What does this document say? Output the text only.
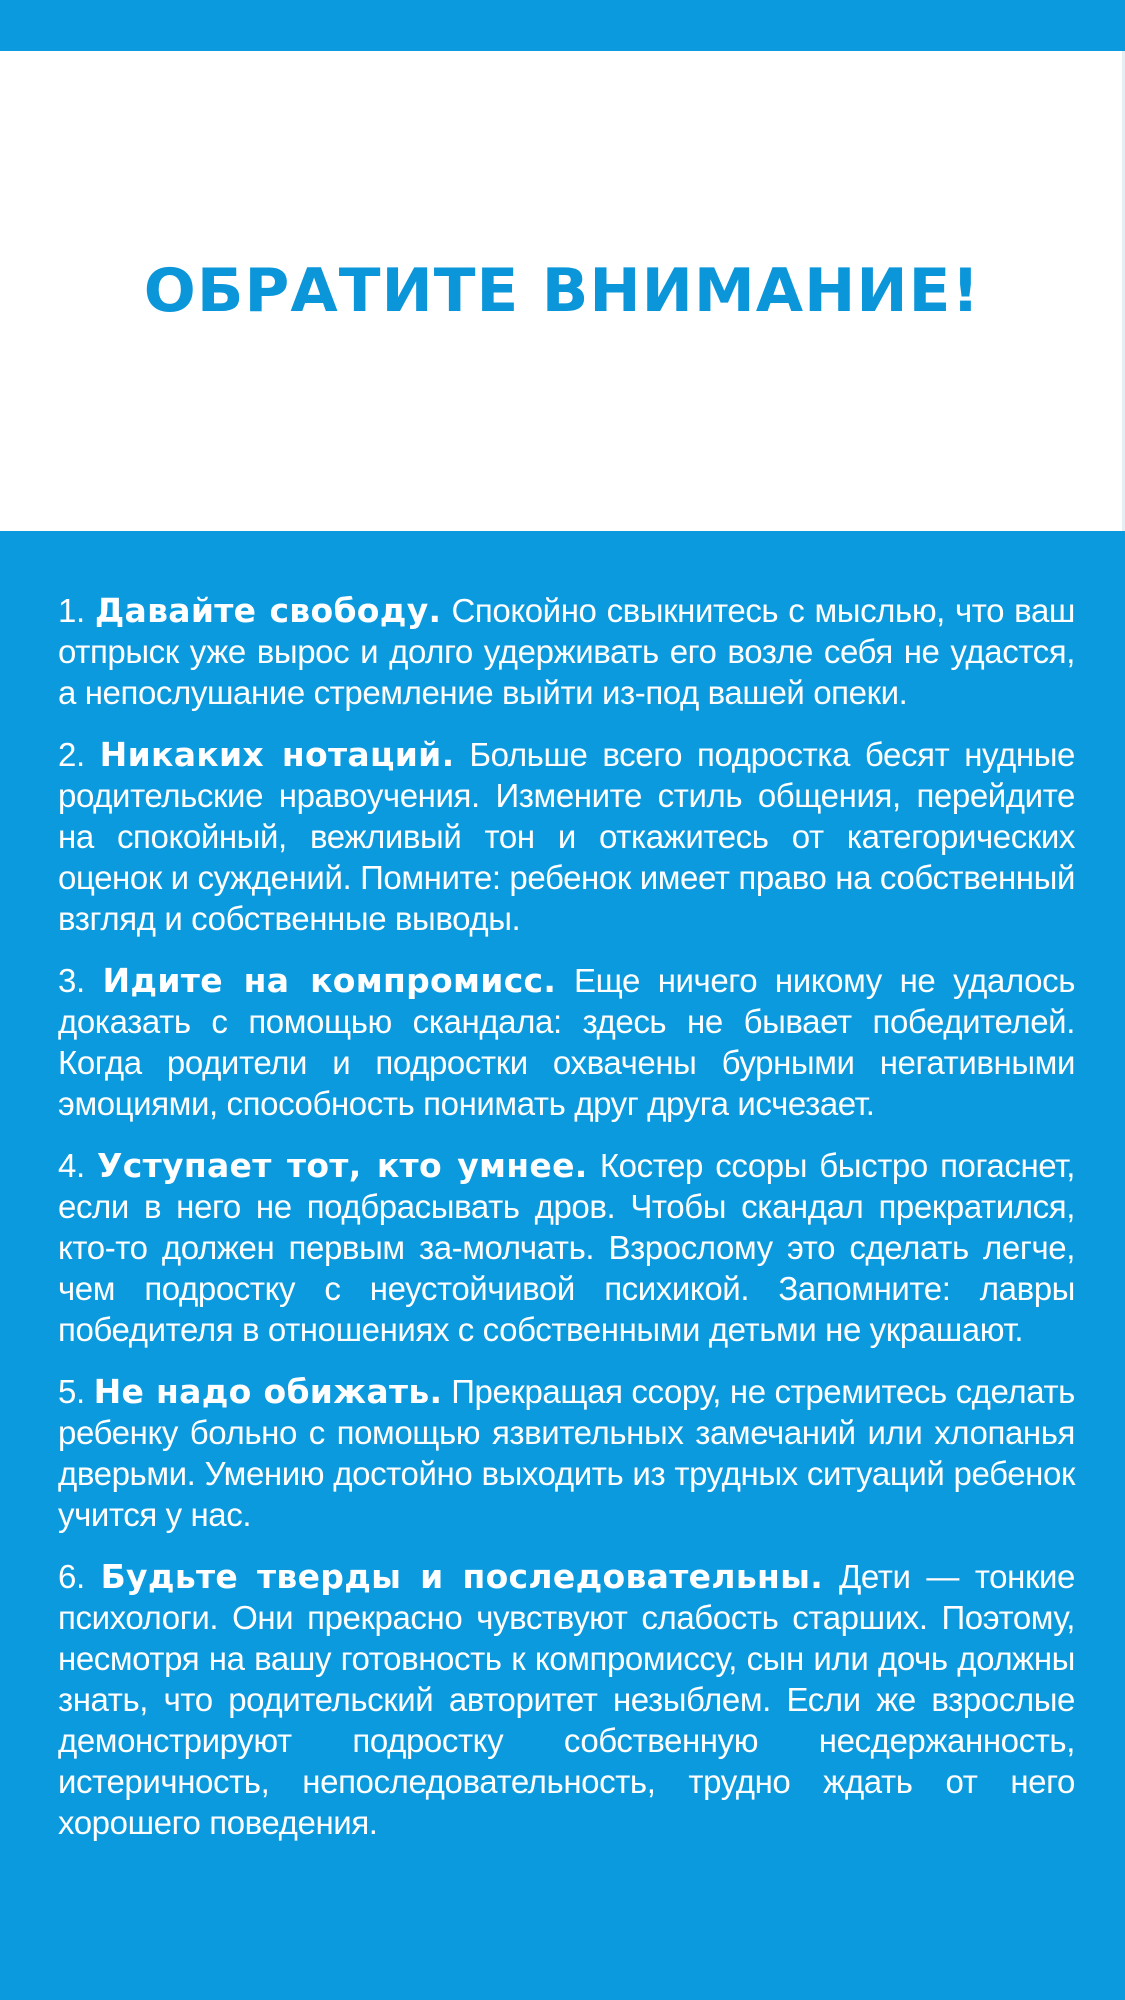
ОБРАТИТЕ ВНИМАНИЕ!

1. Давайте свободу. Спокойно свыкнитесь с мыслью, что ваш отпрыск уже вырос и долго удерживать его возле себя не удастся, а непослушание стремление выйти из-под вашей опеки.

2. Никаких нотаций. Больше всего подростка бесят нудные родительские нравоучения. Измените стиль общения, перейдите на спокойный, вежливый тон и откажитесь от категорических оценок и суждений. Помните: ребенок имеет право на собственный взгляд и собственные выводы.

3. Идите на компромисс. Еще ничего никому не удалось доказать с помощью скандала: здесь не бывает победителей. Когда родители и подростки охвачены бурными негативными эмоциями, способность понимать друг друга исчезает.

4. Уступает тот, кто умнее. Костер ссоры быстро погаснет, если в него не подбрасывать дров. Чтобы скандал прекратился, кто-то должен первым за-молчать. Взрослому это сделать легче, чем подростку с неустойчивой психикой. Запомните: лавры победителя в отношениях с собственными детьми не украшают.

5. Не надо обижать. Прекращая ссору, не стремитесь сделать ребенку больно с помощью язвительных замечаний или хлопанья дверьми. Умению достойно выходить из трудных ситуаций ребенок учится у нас.

6. Будьте тверды и последовательны. Дети — тонкие психологи. Они прекрасно чувствуют слабость старших. Поэтому, несмотря на вашу готовность к компромиссу, сын или дочь должны знать, что родительский авторитет незыблем. Если же взрослые демонстрируют подростку собственную несдержанность, истеричность, непоследовательность, трудно ждать от него хорошего поведения.
